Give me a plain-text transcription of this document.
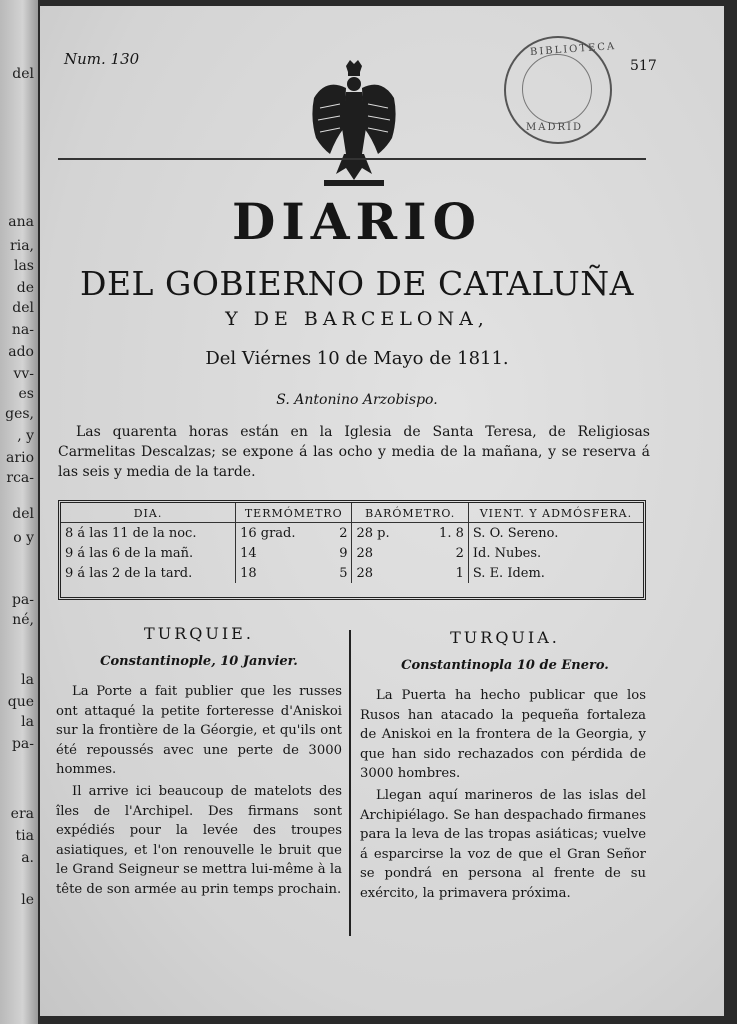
del
ana
ria,
las
de
del
na-
ado
vv-
es
ges,
, y
ario
rca-
del
o y
pa-
né,
la
que
la
pa-
era
tia
a.
le
Num. 130	517
BIBLIOTECA
MADRID
DIARIO
DEL GOBIERNO DE CATALUÑA
Y DE BARCELONA,
Del Viérnes 10 de Mayo de 1811.
S. Antonino Arzobispo.
Las quarenta horas están en la Iglesia de Santa Teresa, de Religiosas Carmelitas Descalzas; se expone á las ocho y media de la mañana, y se reserva á las seis y media de la tarde.
DIA.	TERMÓMETRO		BARÓMETRO.		VIENT. Y ADMÓSFERA.
8 á las 11 de la noc.	16 grad.	2	28 p.	1. 8	S. O. Sereno.
9 á las 6 de la mañ.	14	9	28	2	Id. Nubes.
9 á las 2 de la tard.	18	5	28	1	S. E. Idem.
TURQUIE.
Constantinople, 10 Janvier.

La Porte a fait publier que les russes ont attaqué la petite forteresse d'Aniskoi sur la frontière de la Géorgie, et qu'ils ont été repoussés avec une perte de 3000 hommes.

Il arrive ici beaucoup de matelots des îles de l'Archipel. Des firmans sont expédiés pour la levée des troupes asiatiques, et l'on renouvelle le bruit que le Grand Seigneur se mettra lui-même à la tête de son armée au prin temps prochain.

TURQUIA.
Constantinopla 10 de Enero.

La Puerta ha hecho publicar que los Rusos han atacado la pequeña fortaleza de Aniskoi en la frontera de la Georgia, y que han sido rechazados con pérdida de 3000 hombres.

Llegan aquí marineros de las islas del Archipiélago. Se han despachado firmanes para la leva de las tropas asiáticas; vuelve á esparcirse la voz de que el Gran Señor se pondrá en persona al frente de su exército, la primavera próxima.
